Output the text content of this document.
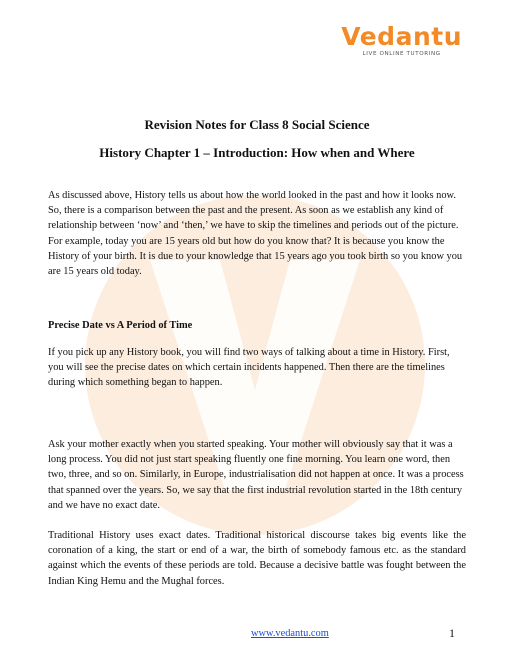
Vedantu
LIVE ONLINE TUTORING
Revision Notes for Class 8 Social Science
History Chapter 1 – Introduction: How when and Where

As discussed above, History tells us about how the world looked in the past and how it looks now. So, there is a comparison between the past and the present. As soon as we establish any kind of relationship between ‘now’ and ‘then,’ we have to skip the timelines and periods out of the picture. For example, today you are 15 years old but how do you know that? It is because you know the History of your birth. It is due to your knowledge that 15 years ago you took birth so you know you are 15 years old today.

Precise Date vs A Period of Time

If you pick up any History book, you will find two ways of talking about a time in History. First, you will see the precise dates on which certain incidents happened. Then there are the timelines during which something began to happen.

Ask your mother exactly when you started speaking. Your mother will obviously say that it was a long process. You did not just start speaking fluently one fine morning. You learn one word, then two, three, and so on. Similarly, in Europe, industrialisation did not happen at once. It was a process that spanned over the years. So, we say that the first industrial revolution started in the 18th century and we have no exact date.

Traditional History uses exact dates. Traditional historical discourse takes big events like the coronation of a king, the start or end of a war, the birth of somebody famous etc. as the standard against which the events of these periods are told. Because a decisive battle was fought between the Indian King Hemu and the Mughal forces.

www.vedantu.com	1
